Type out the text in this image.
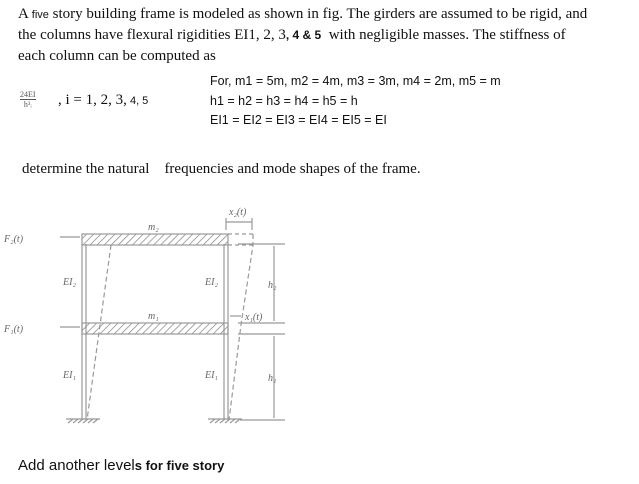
A five story building frame is modeled as shown in fig. The girders are assumed to be rigid, and
the columns have flexural rigidities EI1, 2, 3, 4 & 5 with negligible masses. The stiffness of
each column can be computed as
$\frac{24EI}{\text{h³ᵢ}}$ , i = 1, 2, 3, 4, 5
For, m1 = 5m, m2 = 4m, m3 = 3m, m4 = 2m, m5 = m
h1 = h2 = h3 = h4 = h5 = h
EI1 = EI2 = EI3 = EI4 = EI5 = EI
determine the natural    frequencies and mode shapes of the frame.
F₂(t)
F₁(t)
m₂
m₁
EI₂	EI₂
EI₁	EI₁
x₂(t)
x₁(t)
h₂
h₁
Add another levels for five story
